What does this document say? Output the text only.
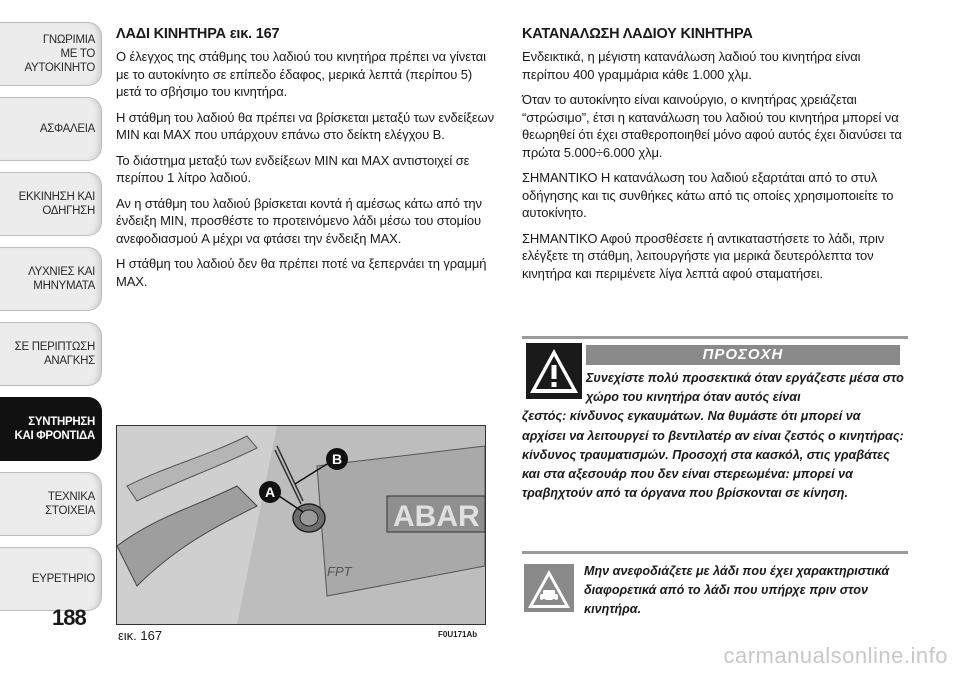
ΓΝΩΡΙΜΙΑ
ΜΕ ΤΟ
ΑΥΤΟΚΙΝΗΤΟ
ΑΣΦΑΛΕΙΑ
ΕΚΚΙΝΗΣΗ ΚΑΙ
ΟΔΗΓΗΣΗ
ΛΥΧΝΙΕΣ ΚΑΙ
ΜΗΝΥΜΑΤΑ
ΣΕ ΠΕΡΙΠΤΩΣΗ
ΑΝΑΓΚΗΣ
ΣΥΝΤΗΡΗΣΗ
ΚΑΙ ΦΡΟΝΤΙΔΑ
ΤΕΧΝΙΚΑ
ΣΤΟΙΧΕΙΑ
ΕΥΡΕΤΗΡΙΟ
188
ΛΑΔΙ ΚΙΝΗΤΗΡΑ εικ. 167

Ο έλεγχος της στάθμης του λαδιού του κινητήρα πρέπει να γίνεται με το αυτοκίνητο σε επίπεδο έδαφος, μερικά λεπτά (περίπου 5) μετά το σβήσιμο του κινητήρα.

Η στάθμη του λαδιού θα πρέπει να βρίσκεται μεταξύ των ενδείξεων MIN και MAX που υπάρχουν επάνω στο δείκτη ελέγχου B.

Το διάστημα μεταξύ των ενδείξεων MIN και MAX αντιστοιχεί σε περίπου 1 λίτρο λαδιού.

Αν η στάθμη του λαδιού βρίσκεται κοντά ή αμέσως κάτω από την ένδειξη MIN, προσθέστε το προτεινόμενο λάδι μέσω του στομίου ανεφοδιασμού A μέχρι να φτάσει την ένδειξη MAX.

Η στάθμη του λαδιού δεν θα πρέπει ποτέ να ξεπερνάει τη γραμμή MAX.

ABAR
FPT
B
A
εικ. 167	F0U171Ab
ΚΑΤΑΝΑΛΩΣΗ ΛΑΔΙΟΥ ΚΙΝΗΤΗΡΑ

Ενδεικτικά, η μέγιστη κατανάλωση λαδιού του κινητήρα είναι περίπου 400 γραμμάρια κάθε 1.000 χλμ.

Όταν το αυτοκίνητο είναι καινούργιο, ο κινητήρας χρειάζεται “στρώσιμο”, έτσι η κατανάλωση του λαδιού του κινητήρα μπορεί να θεωρηθεί ότι έχει σταθεροποιηθεί μόνο αφού αυτός έχει διανύσει τα πρώτα 5.000÷6.000 χλμ.

ΣΗΜΑΝΤΙΚΟ Η κατανάλωση του λαδιού εξαρτάται από το στυλ οδήγησης και τις συνθήκες κάτω από τις οποίες χρησιμοποιείτε το αυτοκίνητο.

ΣΗΜΑΝΤΙΚΟ Αφού προσθέσετε ή αντικαταστήσετε το λάδι, πριν ελέγξετε τη στάθμη, λειτουργήστε για μερικά δευτερόλεπτα τον κινητήρα και περιμένετε λίγα λεπτά αφού σταματήσει.

ΠΡΟΣΟΧΗ
Συνεχίστε πολύ προσεκτικά όταν εργάζεστε μέσα στο χώρο του κινητήρα όταν αυτός είναι
ζεστός: κίνδυνος εγκαυμάτων. Να θυμάστε ότι μπορεί να αρχίσει να λειτουργεί το βεντιλατέρ αν είναι ζεστός ο κινητήρας: κίνδυνος τραυματισμών. Προσοχή στα κασκόλ, στις γραβάτες και στα αξεσουάρ που δεν είναι στερεωμένα: μπορεί να τραβηχτούν από τα όργανα που βρίσκονται σε κίνηση.
Μην ανεφοδιάζετε με λάδι που έχει χαρακτηριστικά διαφορετικά από το λάδι που υπήρχε πριν στον κινητήρα.
carmanualsonline.info
